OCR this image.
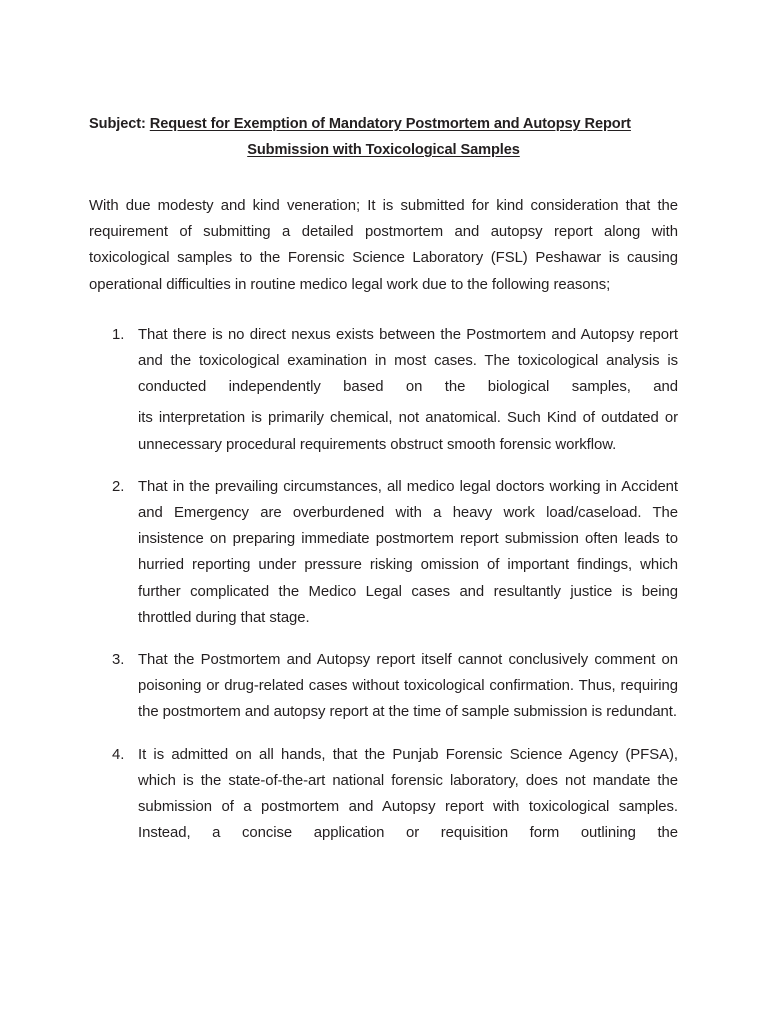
Subject: Request for Exemption of Mandatory Postmortem and Autopsy Report
Submission with Toxicological Samples

With due modesty and kind veneration; It is submitted for kind consideration that the requirement of submitting a detailed postmortem and autopsy report along with toxicological samples to the Forensic Science Laboratory (FSL) Peshawar is causing operational difficulties in routine medico legal work due to the following reasons;

1. That there is no direct nexus exists between the Postmortem and Autopsy report and the toxicological examination in most cases. The toxicological analysis is conducted independently based on the biological samples, and
its interpretation is primarily chemical, not anatomical. Such Kind of outdated or unnecessary procedural requirements obstruct smooth forensic workflow.
2. That in the prevailing circumstances, all medico legal doctors working in Accident and Emergency are overburdened with a heavy work load/caseload. The insistence on preparing immediate postmortem report submission often leads to hurried reporting under pressure risking omission of important findings, which further complicated the Medico Legal cases and resultantly justice is being throttled during that stage.
3. That the Postmortem and Autopsy report itself cannot conclusively comment on poisoning or drug-related cases without toxicological confirmation. Thus, requiring the postmortem and autopsy report at the time of sample submission is redundant.
4. It is admitted on all hands, that the Punjab Forensic Science Agency (PFSA), which is the state-of-the-art national forensic laboratory, does not mandate the submission of a postmortem and Autopsy report with toxicological samples. Instead, a concise application or requisition form outlining the
